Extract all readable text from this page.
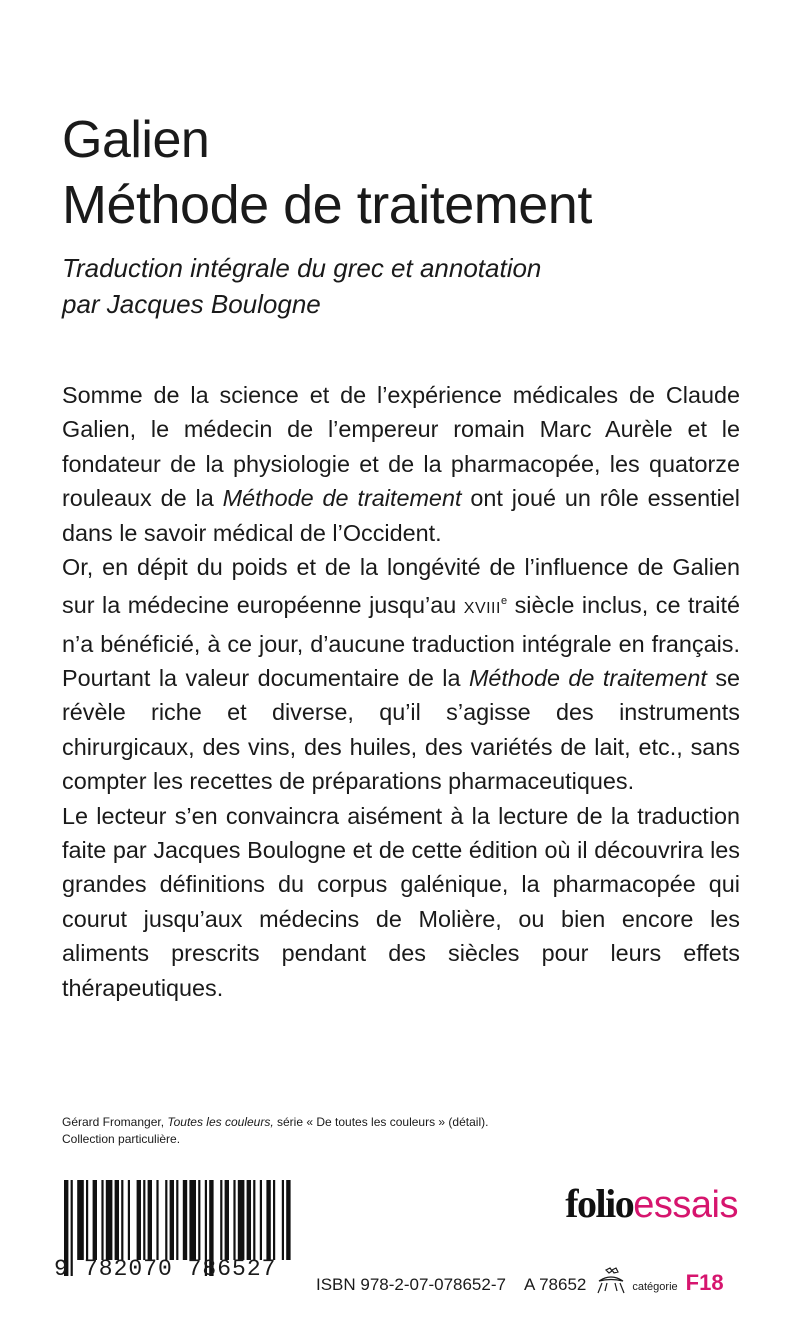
Galien
Méthode de traitement
Traduction intégrale du grec et annotation
par Jacques Boulogne

Somme de la science et de l’expérience médicales de Claude Galien, le médecin de l’empereur romain Marc Aurèle et le fondateur de la physiologie et de la pharmacopée, les quatorze rouleaux de la Méthode de traitement ont joué un rôle essentiel dans le savoir médical de l’Occident.

Or, en dépit du poids et de la longévité de l’influence de Galien sur la médecine européenne jusqu’au XVIIIe siècle inclus, ce traité n’a bénéficié, à ce jour, d’aucune traduction intégrale en français. Pourtant la valeur documentaire de la Méthode de traitement se révèle riche et diverse, qu’il s’agisse des instruments chirurgicaux, des vins, des huiles, des variétés de lait, etc., sans compter les recettes de préparations pharmaceutiques.

Le lecteur s’en convaincra aisément à la lecture de la traduction faite par Jacques Boulogne et de cette édition où il découvrira les grandes définitions du corpus galénique, la pharmacopée qui courut jusqu’aux médecins de Molière, ou bien encore les aliments prescrits pendant des siècles pour leurs effets thérapeutiques.

Gérard Fromanger, Toutes les couleurs, série « De toutes les couleurs » (détail).
Collection particulière.
9 782070 786527
folioessais
ISBN 978-2-07-078652-7 A 78652	catégorie F18
